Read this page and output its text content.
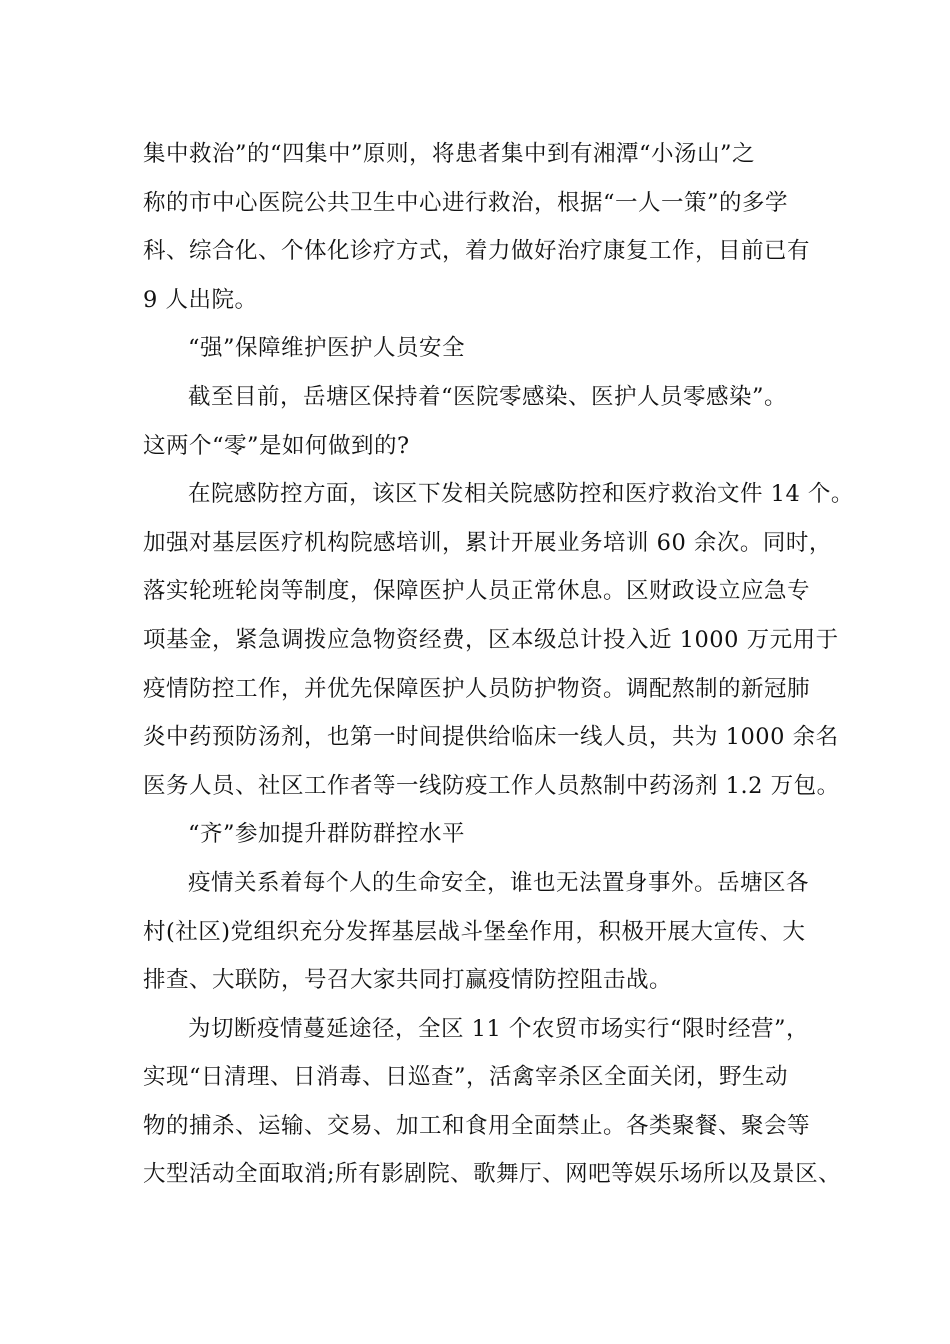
集中救治”的“四集中”原则，将患者集中到有湘潭“小汤山”之
称的市中心医院公共卫生中心进行救治，根据“一人一策”的多学
科、综合化、个体化诊疗方式，着力做好治疗康复工作，目前已有
9 人出院。
“强”保障维护医护人员安全
截至目前，岳塘区保持着“医院零感染、医护人员零感染”。
这两个“零”是如何做到的?
在院感防控方面，该区下发相关院感防控和医疗救治文件 14 个。
加强对基层医疗机构院感培训，累计开展业务培训 60 余次。同时，
落实轮班轮岗等制度，保障医护人员正常休息。区财政设立应急专
项基金，紧急调拨应急物资经费，区本级总计投入近 1000 万元用于
疫情防控工作，并优先保障医护人员防护物资。调配熬制的新冠肺
炎中药预防汤剂，也第一时间提供给临床一线人员，共为 1000 余名
医务人员、社区工作者等一线防疫工作人员熬制中药汤剂 1.2 万包。
“齐”参加提升群防群控水平
疫情关系着每个人的生命安全，谁也无法置身事外。岳塘区各
村(社区)党组织充分发挥基层战斗堡垒作用，积极开展大宣传、大
排查、大联防，号召大家共同打赢疫情防控阻击战。
为切断疫情蔓延途径，全区 11 个农贸市场实行“限时经营”，
实现“日清理、日消毒、日巡查”，活禽宰杀区全面关闭，野生动
物的捕杀、运输、交易、加工和食用全面禁止。各类聚餐、聚会等
大型活动全面取消;所有影剧院、歌舞厅、网吧等娱乐场所以及景区、
